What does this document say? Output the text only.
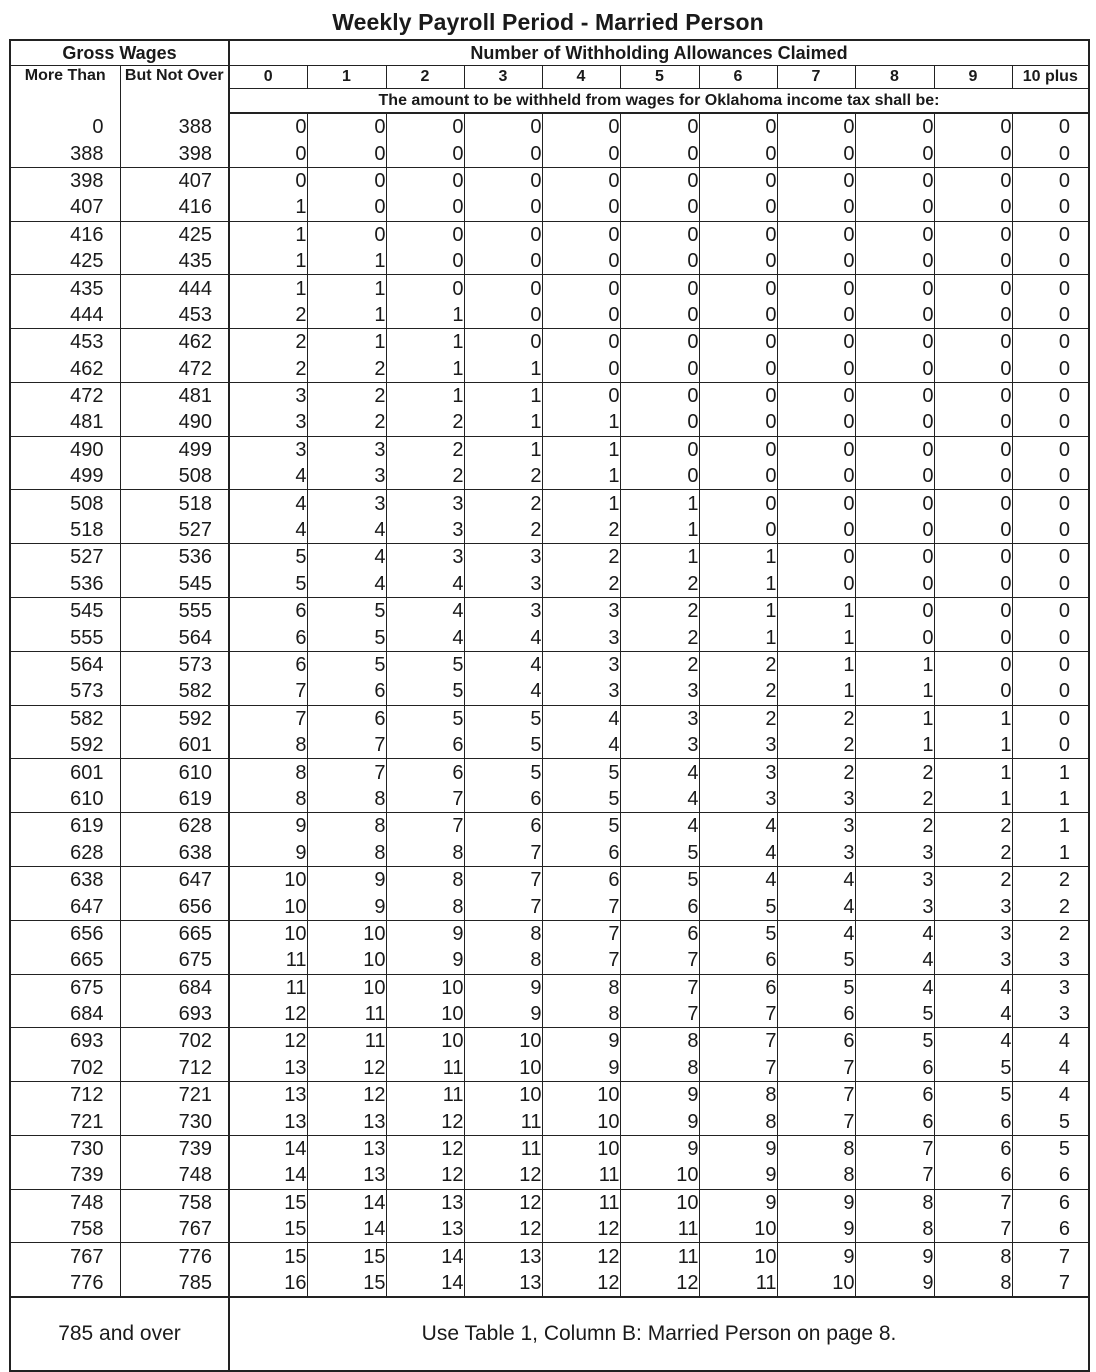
Weekly Payroll Period - Married Person
Gross Wages		Number of Withholding Allowances Claimed										
More Than	But Not Over	0	1	2	3	4	5	6	7	8	9	10 plus
		The amount to be withheld from wages for Oklahoma income tax shall be:										
0	388	0	0	0	0	0	0	0	0	0	0	0
388	398	0	0	0	0	0	0	0	0	0	0	0
398	407	0	0	0	0	0	0	0	0	0	0	0
407	416	1	0	0	0	0	0	0	0	0	0	0
416	425	1	0	0	0	0	0	0	0	0	0	0
425	435	1	1	0	0	0	0	0	0	0	0	0
435	444	1	1	0	0	0	0	0	0	0	0	0
444	453	2	1	1	0	0	0	0	0	0	0	0
453	462	2	1	1	0	0	0	0	0	0	0	0
462	472	2	2	1	1	0	0	0	0	0	0	0
472	481	3	2	1	1	0	0	0	0	0	0	0
481	490	3	2	2	1	1	0	0	0	0	0	0
490	499	3	3	2	1	1	0	0	0	0	0	0
499	508	4	3	2	2	1	0	0	0	0	0	0
508	518	4	3	3	2	1	1	0	0	0	0	0
518	527	4	4	3	2	2	1	0	0	0	0	0
527	536	5	4	3	3	2	1	1	0	0	0	0
536	545	5	4	4	3	2	2	1	0	0	0	0
545	555	6	5	4	3	3	2	1	1	0	0	0
555	564	6	5	4	4	3	2	1	1	0	0	0
564	573	6	5	5	4	3	2	2	1	1	0	0
573	582	7	6	5	4	3	3	2	1	1	0	0
582	592	7	6	5	5	4	3	2	2	1	1	0
592	601	8	7	6	5	4	3	3	2	1	1	0
601	610	8	7	6	5	5	4	3	2	2	1	1
610	619	8	8	7	6	5	4	3	3	2	1	1
619	628	9	8	7	6	5	4	4	3	2	2	1
628	638	9	8	8	7	6	5	4	3	3	2	1
638	647	10	9	8	7	6	5	4	4	3	2	2
647	656	10	9	8	7	7	6	5	4	3	3	2
656	665	10	10	9	8	7	6	5	4	4	3	2
665	675	11	10	9	8	7	7	6	5	4	3	3
675	684	11	10	10	9	8	7	6	5	4	4	3
684	693	12	11	10	9	8	7	7	6	5	4	3
693	702	12	11	10	10	9	8	7	6	5	4	4
702	712	13	12	11	10	9	8	7	7	6	5	4
712	721	13	12	11	10	10	9	8	7	6	5	4
721	730	13	13	12	11	10	9	8	7	6	6	5
730	739	14	13	12	11	10	9	9	8	7	6	5
739	748	14	13	12	12	11	10	9	8	7	6	6
748	758	15	14	13	12	11	10	9	9	8	7	6
758	767	15	14	13	12	12	11	10	9	8	7	6
767	776	15	15	14	13	12	11	10	9	9	8	7
776	785	16	15	14	13	12	12	11	10	9	8	7
785 and over		Use Table 1, Column B: Married Person on page 8.										
